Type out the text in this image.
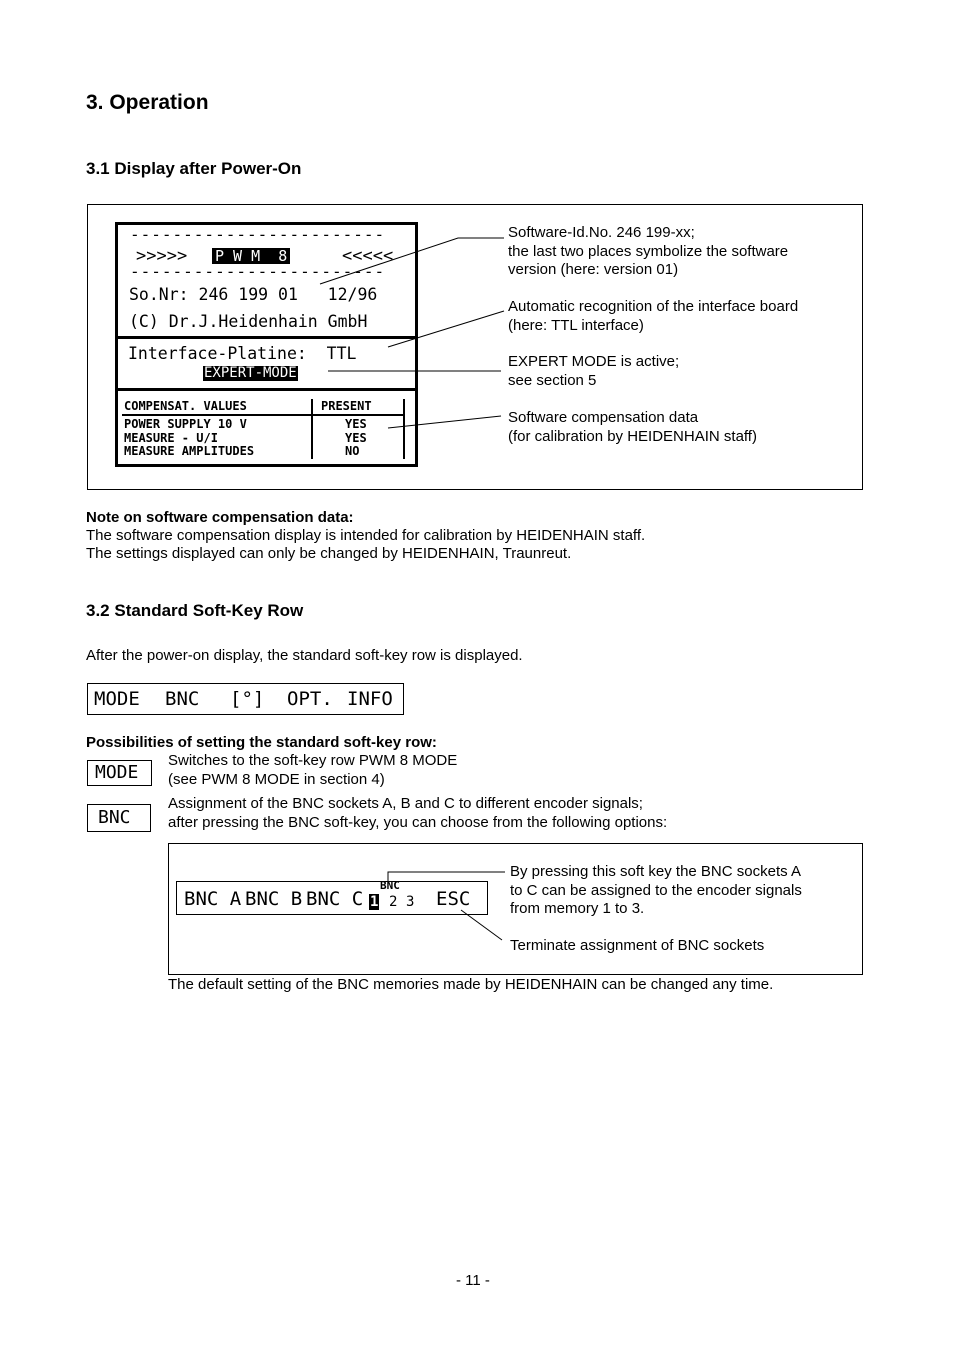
3. Operation
3.1 Display after Power-On
------------------------
>>>>> P W M  8	<<<<<
------------------------
So.Nr: 246 199 01   12/96
(C) Dr.J.Heidenhain GmbH
Interface-Platine:  TTL
EXPERT-MODE
COMPENSAT. VALUES	PRESENT
POWER SUPPLY 10 V
MEASURE - U/I
MEASURE AMPLITUDES
YES
YES
NO
Software-Id.No. 246 199-xx;
the last two places symbolize the software
version (here: version 01)
Automatic recognition of the interface board
(here: TTL interface)
EXPERT MODE is active;
see section 5
Software compensation data
(for calibration by HEIDENHAIN staff)
Note on software compensation data:
The software compensation display is intended for calibration by HEIDENHAIN staff.
The settings displayed can only be changed by HEIDENHAIN, Traunreut.
3.2 Standard Soft-Key Row
After the power-on display, the standard soft-key row is displayed.
MODE BNC [°] OPT. INFO
Possibilities of setting the standard soft-key row:
MODE
Switches to the soft-key row PWM 8 MODE
(see PWM 8 MODE in section 4)
BNC
Assignment of the BNC sockets A, B and C to different encoder signals;
after pressing the BNC soft-key, you can choose from the following options:
BNC A BNC B BNC C
BNC
1 2 3 ESC
By pressing this soft key the BNC sockets A
to C can be assigned to the encoder signals
from memory 1 to 3.
Terminate assignment of BNC sockets
The default setting of the BNC memories made by HEIDENHAIN can be changed any time.
- 11 -
